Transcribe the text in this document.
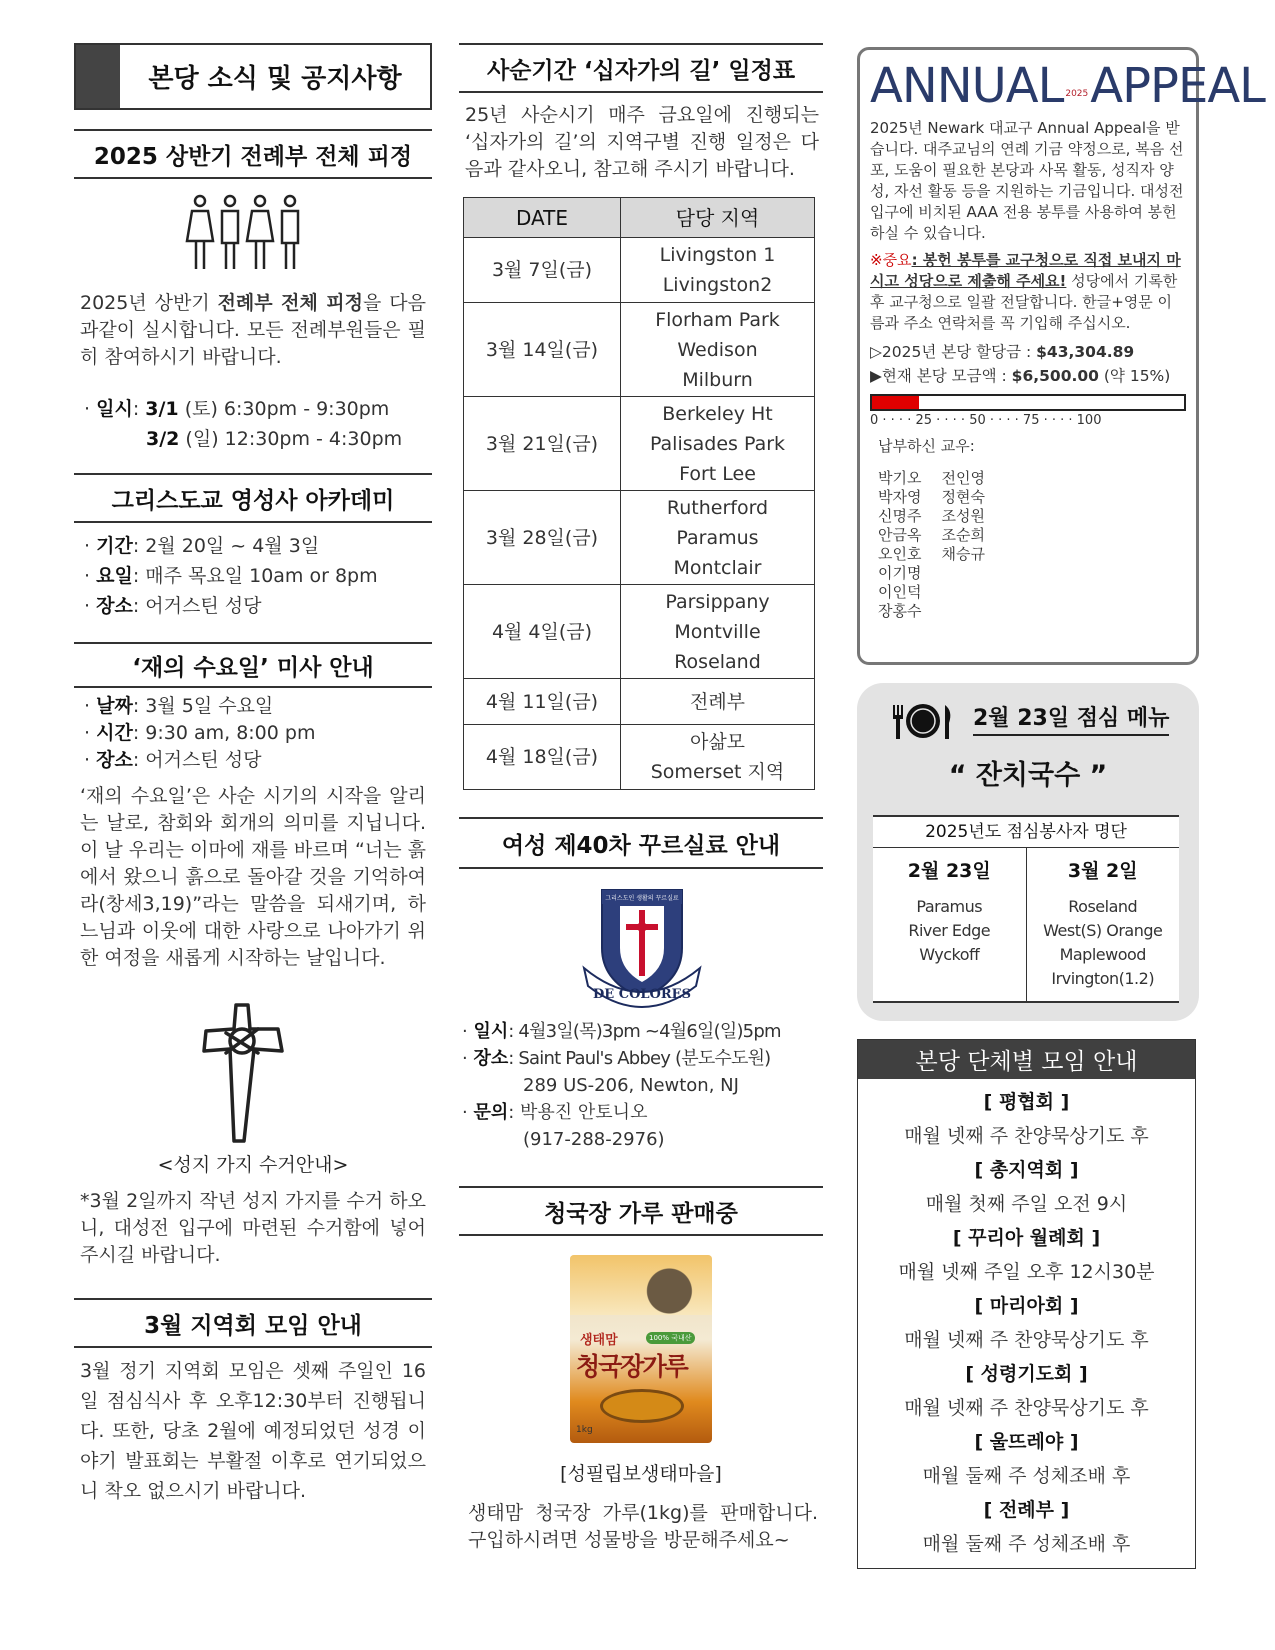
본당 소식 및 공지사항
2025 상반기 전례부 전체 피정
2025년 상반기 전례부 전체 피정을 다음과같이 실시합니다. 모든 전례부원들은 필히 참여하시기 바랍니다.
· 일시: 3/1 (토) 6:30pm - 9:30pm
3/2 (일) 12:30pm - 4:30pm
그리스도교 영성사 아카데미
· 기간: 2월 20일 ~ 4월 3일
· 요일: 매주 목요일 10am or 8pm
· 장소: 어거스틴 성당
‘재의 수요일’ 미사 안내
· 날짜: 3월 5일 수요일
· 시간: 9:30 am, 8:00 pm
· 장소: 어거스틴 성당
‘재의 수요일’은 사순 시기의 시작을 알리는 날로, 참회와 회개의 의미를 지닙니다. 이 날 우리는 이마에 재를 바르며 “너는 흙에서 왔으니 흙으로 돌아갈 것을 기억하여라(창세3,19)”라는 말씀을 되새기며, 하느님과 이웃에 대한 사랑으로 나아가기 위한 여정을 새롭게 시작하는 날입니다.
<성지 가지 수거안내>
*3월 2일까지 작년 성지 가지를 수거 하오니, 대성전 입구에 마련된 수거함에 넣어 주시길 바랍니다.
3월 지역회 모임 안내
3월 정기 지역회 모임은 셋째 주일인 16일 점심식사 후 오후12:30부터 진행됩니다. 또한, 당초 2월에 예정되었던 성경 이야기 발표회는 부활절 이후로 연기되었으니 착오 없으시기 바랍니다.
사순기간 ‘십자가의 길’ 일정표
25년 사순시기 매주 금요일에 진행되는 ‘십자가의 길’의 지역구별 진행 일정은 다음과 같사오니, 참고해 주시기 바랍니다.
DATE	담당 지역
3월 7일(금)	Livingston 1
Livingston2

3월 14일(금)	Florham Park
Wedison
Milburn

3월 21일(금)	Berkeley Ht
Palisades Park
Fort Lee

3월 28일(금)	Rutherford
Paramus
Montclair

4월 4일(금)	Parsippany
Montville
Roseland

4월 11일(금)	전례부

4월 18일(금)	아삶모
Somerset 지역
여성 제40차 꾸르실료 안내
그리스도인 생활의 꾸르실료
DE COLORES
· 일시: 4월3일(목)3pm ~4월6일(일)5pm
· 장소: Saint Paul's Abbey (분도수도원)
289 US-206, Newton, NJ
· 문의: 박용진 안토니오
(917-288-2976)
청국장 가루 판매중
생태맘	100% 국내산
청국장가루
1kg
[성필립보생태마을]
생태맘 청국장 가루(1kg)를 판매합니다. 구입하시려면 성물방을 방문해주세요~
ANNUAL $^{2025}$APPEAL
2025년 Newark 대교구 Annual Appeal을 받습니다. 대주교님의 연례 기금 약정으로, 복음 선포, 도움이 필요한 본당과 사목 활동, 성직자 양성, 자선 활동 등을 지원하는 기금입니다. 대성전 입구에 비치된 AAA 전용 봉투를 사용하여 봉헌하실 수 있습니다.
※중요: 봉헌 봉투를 교구청으로 직접 보내지 마시고 성당으로 제출해 주세요! 성당에서 기록한 후 교구청으로 일괄 전달합니다. 한글+영문 이름과 주소 연락처를 꼭 기입해 주십시오.
▷2025년 본당 할당금 : $43,304.89
▶현재 본당 모금액 : $6,500.00 (약 15%)
0 · · · · 25 · · · · 50 · · · · 75 · · · · 100
납부하신 교우:
박기오
박자영
신명주
안금옥
오인호
이기명
이인덕
장홍수
전인영
정현숙
조성원
조순희
채승규
2월 23일 점심 메뉴
“ 잔치국수 ”
2025년도 점심봉사자 명단
2월 23일
Paramus
River Edge
Wyckoff
3월 2일
Roseland
West(S) Orange
Maplewood
Irvington(1.2)
본당 단체별 모임 안내
[ 평협회 ]
매월 넷째 주 찬양묵상기도 후
[ 총지역회 ]
매월 첫째 주일 오전 9시
[ 꾸리아 월례회 ]
매월 넷째 주일 오후 12시30분
[ 마리아회 ]
매월 넷째 주 찬양묵상기도 후
[ 성령기도회 ]
매월 넷째 주 찬양묵상기도 후
[ 울뜨레야 ]
매월 둘째 주 성체조배 후
[ 전례부 ]
매월 둘째 주 성체조배 후
